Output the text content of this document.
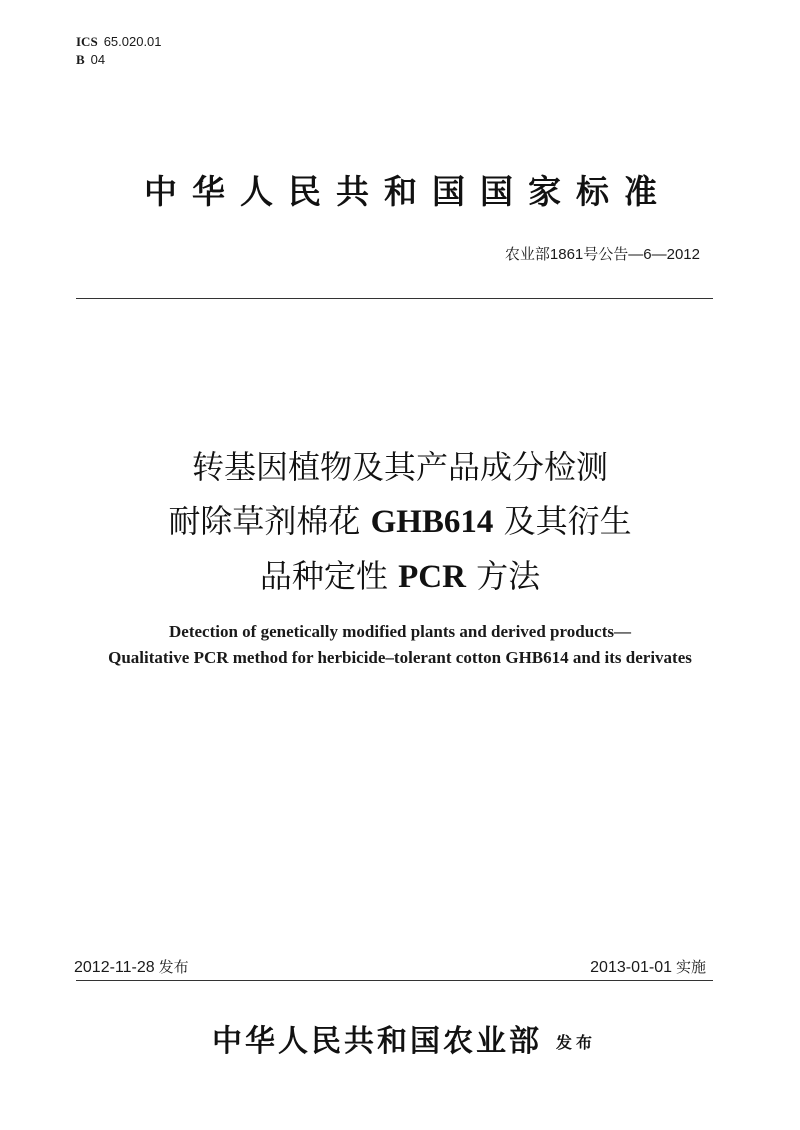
ICS 65.020.01
B 04
中华人民共和国国家标准
农业部1861号公告—6—2012
转基因植物及其产品成分检测
耐除草剂棉花 GHB614 及其衍生
品种定性 PCR 方法
Detection of genetically modified plants and derived products—
Qualitative PCR method for herbicide–tolerant cotton GHB614 and its derivates
2012-11-28 发布	2013-01-01 实施
中华人民共和国农业部 发布
